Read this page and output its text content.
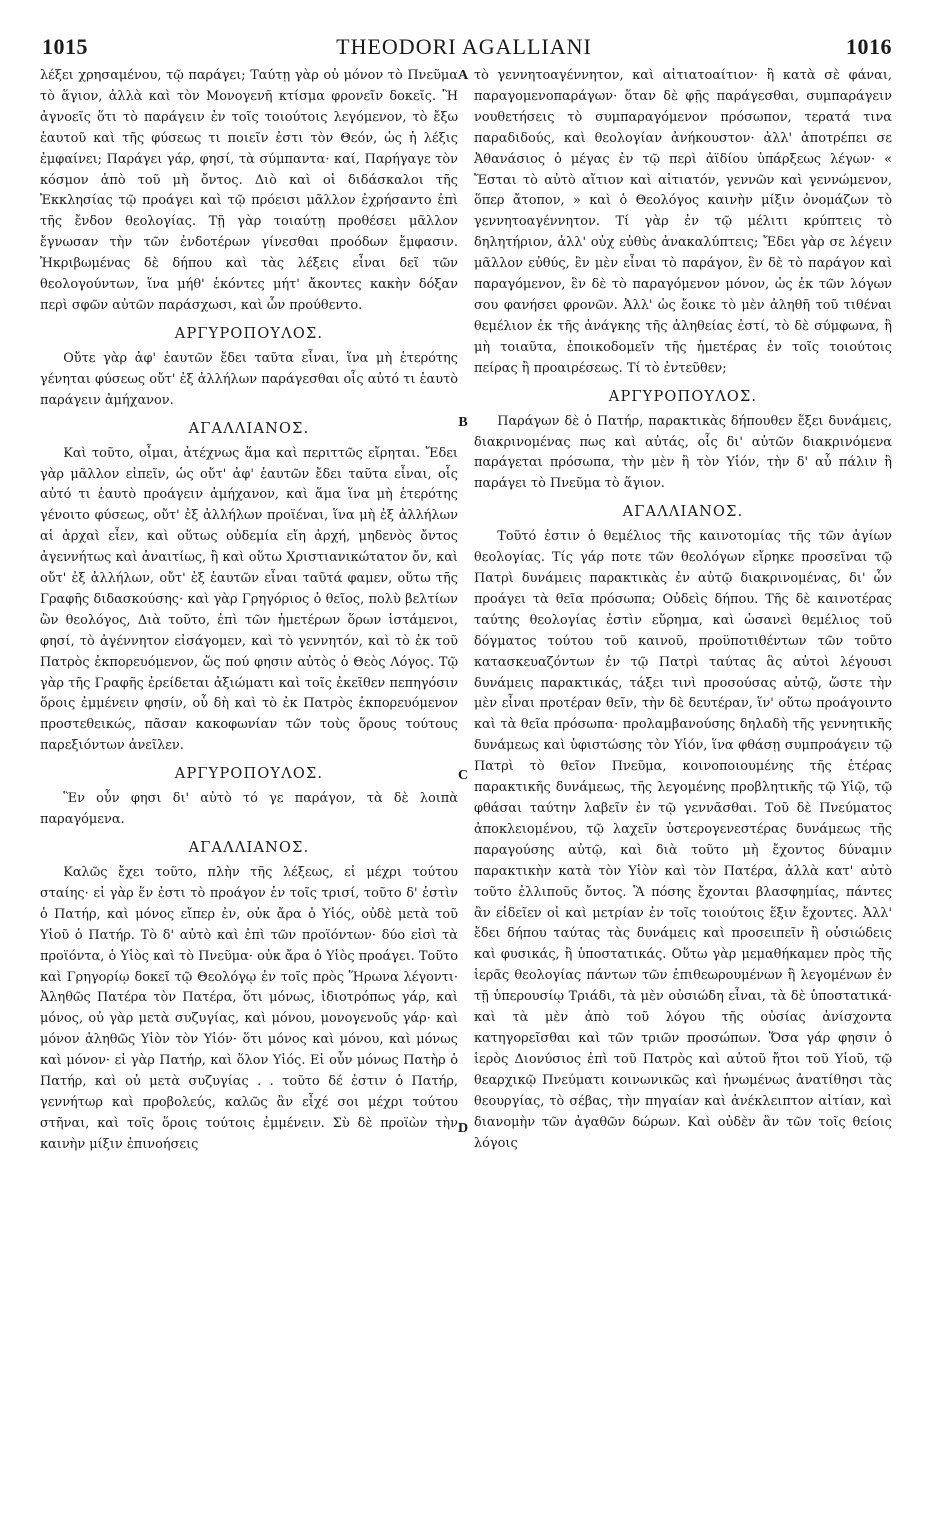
1015	THEODORI AGALLIANI	1016

λέξει χρησαμένου, τῷ παράγει; Ταύτῃ γὰρ οὐ μόνον τὸ Πνεῦμα τὸ ἅγιον, ἀλλὰ καὶ τὸν Μονογενῆ κτίσμα φρονεῖν δοκεῖς. Ἢ ἀγνοεῖς ὅτι τὸ παράγειν ἐν τοῖς τοιούτοις λεγόμενον, τὸ ἔξω ἑαυτοῦ καὶ τῆς φύσεως τι ποιεῖν ἐστι τὸν Θεόν, ὡς ἡ λέξις ἐμφαίνει; Παράγει γάρ, φησί, τὰ σύμπαντα· καί, Παρήγαγε τὸν κόσμον ἀπὸ τοῦ μὴ ὄντος. Διὸ καὶ οἱ διδάσκαλοι τῆς Ἐκκλησίας τῷ προάγει καὶ τῷ πρόεισι μᾶλλον ἐχρήσαντο ἐπὶ τῆς ἔνδον θεολογίας. Τῇ γὰρ τοιαύτῃ προθέσει μᾶλλον ἔγνωσαν τὴν τῶν ἐνδοτέρων γίνεσθαι προόδων ἔμφασιν. Ἠκριβωμένας δὲ δήπου καὶ τὰς λέξεις εἶναι δεῖ τῶν θεολογούντων, ἵνα μήθ' ἑκόντες μήτ' ἄκοντες κακὴν δόξαν περὶ σφῶν αὐτῶν παράσχωσι, καὶ ὧν προύθεντο.

ΑΡΓΥΡΟΠΟΥΛΟΣ.

Οὔτε γὰρ ἀφ' ἑαυτῶν ἔδει ταῦτα εἶναι, ἵνα μὴ ἑτερότης γένηται φύσεως οὔτ' ἐξ ἀλλήλων παράγεσθαι οἷς αὐτό τι ἑαυτὸ παράγειν ἀμήχανον.

ΑΓΑΛΛΙΑΝΟΣ.

Καὶ τοῦτο, οἶμαι, ἀτέχνως ἅμα καὶ περιττῶς εἴρηται. Ἔδει γὰρ μᾶλλον εἰπεῖν, ὡς οὔτ' ἀφ' ἑαυτῶν ἔδει ταῦτα εἶναι, οἷς αὐτό τι ἑαυτὸ προάγειν ἀμήχανον, καὶ ἅμα ἵνα μὴ ἑτερότης γένοιτο φύσεως, οὔτ' ἐξ ἀλλήλων προϊέναι, ἵνα μὴ ἐξ ἀλλήλων αἱ ἀρχαὶ εἶεν, καὶ οὕτως οὐδεμία εἴη ἀρχή, μηδενὸς ὄντος ἀγεννήτως καὶ ἀναιτίως, ἢ καὶ οὕτω Χριστιανικώτατον ὄν, καὶ οὔτ' ἐξ ἀλλήλων, οὔτ' ἐξ ἑαυτῶν εἶναι ταῦτά φαμεν, οὕτω τῆς Γραφῆς διδασκούσης· καὶ γὰρ Γρηγόριος ὁ θεῖος, πολὺ βελτίων ὢν θεολόγος, Διὰ τοῦτο, ἐπὶ τῶν ἡμετέρων ὅρων ἱστάμενοι, φησί, τὸ ἀγέννητον εἰσάγομεν, καὶ τὸ γεννητόν, καὶ τὸ ἐκ τοῦ Πατρὸς ἐκπορευόμενον, ὥς πού φησιν αὐτὸς ὁ Θεὸς Λόγος. Τῷ γὰρ τῆς Γραφῆς ἐρείδεται ἀξιώματι καὶ τοῖς ἐκεῖθεν πεπηγόσιν ὅροις ἐμμένειν φησίν, οὗ δὴ καὶ τὸ ἐκ Πατρὸς ἐκπορευόμενον προστεθεικώς, πᾶσαν κακοφωνίαν τῶν τοὺς ὅρους τούτους παρεξιόντων ἀνεῖλεν.

ΑΡΓΥΡΟΠΟΥΛΟΣ.

Ἓν οὖν φησι δι' αὐτὸ τό γε παράγον, τὰ δὲ λοιπὰ παραγόμενα.

ΑΓΑΛΛΙΑΝΟΣ.

Καλῶς ἔχει τοῦτο, πλὴν τῆς λέξεως, εἰ μέχρι τούτου σταίης· εἰ γὰρ ἕν ἐστι τὸ προάγον ἐν τοῖς τρισί, τοῦτο δ' ἐστὶν ὁ Πατήρ, καὶ μόνος εἴπερ ἐν, οὐκ ἄρα ὁ Υἱός, οὐδὲ μετὰ τοῦ Υἱοῦ ὁ Πατήρ. Τὸ δ' αὐτὸ καὶ ἐπὶ τῶν προϊόντων· δύο εἰσὶ τὰ προϊόντα, ὁ Υἱὸς καὶ τὸ Πνεῦμα· οὐκ ἄρα ὁ Υἱὸς προάγει. Τοῦτο καὶ Γρηγορίῳ δοκεῖ τῷ Θεολόγῳ ἐν τοῖς πρὸς Ἥρωνα λέγοντι· Ἀληθῶς Πατέρα τὸν Πατέρα, ὅτι μόνως, ἰδιοτρόπως γάρ, καὶ μόνος, οὐ γὰρ μετὰ συζυγίας, καὶ μόνου, μονογενοῦς γάρ· καὶ μόνον ἀληθῶς Υἱὸν τὸν Υἱόν· ὅτι μόνος καὶ μόνου, καὶ μόνως καὶ μόνον· εἰ γὰρ Πατήρ, καὶ ὅλον Υἱός. Εἰ οὖν μόνως Πατὴρ ὁ Πατήρ, καὶ οὐ μετὰ συζυγίας . . τοῦτο δέ ἐστιν ὁ Πατήρ, γεννήτωρ καὶ προβολεύς, καλῶς ἂν εἶχέ σοι μέχρι τούτου στῆναι, καὶ τοῖς ὅροις τούτοις ἐμμένειν. Σὺ δὲ προϊὼν τὴν καινὴν μίξιν ἐπινοήσεις

τὸ γεννητοαγέννητον, καὶ αἰτιατοαίτιον· ἢ κατὰ σὲ φάναι, παραγομενοπαράγων· ὅταν δὲ φῇς παράγεσθαι, συμπαράγειν νουθετήσεις τὸ συμπαραγόμενον πρόσωπον, τερατά τινα παραδιδούς, καὶ θεολογίαν ἀνήκουστον· ἀλλ' ἀποτρέπει σε Ἀθανάσιος ὁ μέγας ἐν τῷ περὶ ἀϊδίου ὑπάρξεως λέγων· « Ἔσται τὸ αὐτὸ αἴτιον καὶ αἰτιατόν, γεννῶν καὶ γεννώμενον, ὅπερ ἄτοπον, » καὶ ὁ Θεολόγος καινὴν μίξιν ὀνομάζων τὸ γεννητοαγέννητον. Τί γὰρ ἐν τῷ μέλιτι κρύπτεις τὸ δηλητήριον, ἀλλ' οὐχ εὐθὺς ἀνακαλύπτεις; Ἔδει γὰρ σε λέγειν μᾶλλον εὐθύς, ἓν μὲν εἶναι τὸ παράγον, ἓν δὲ τὸ παράγον καὶ παραγόμενον, ἓν δὲ τὸ παραγόμενον μόνον, ὡς ἐκ τῶν λόγων σου φανήσει φρονῶν. Ἀλλ' ὡς ἔοικε τὸ μὲν ἀληθῆ τοῦ τιθέναι θεμέλιον ἐκ τῆς ἀνάγκης τῆς ἀληθείας ἐστί, τὸ δὲ σύμφωνα, ἢ μὴ τοιαῦτα, ἐποικοδομεῖν τῆς ἡμετέρας ἐν τοῖς τοιούτοις πείρας ἢ προαιρέσεως. Τί τὸ ἐντεῦθεν;

ΑΡΓΥΡΟΠΟΥΛΟΣ.

Παράγων δὲ ὁ Πατήρ, παρακτικὰς δήπουθεν ἕξει δυνάμεις, διακρινομένας πως καὶ αὐτάς, οἷς δι' αὐτῶν διακρινόμενα παράγεται πρόσωπα, τὴν μὲν ἢ τὸν Υἱόν, τὴν δ' αὖ πάλιν ἢ παράγει τὸ Πνεῦμα τὸ ἅγιον.

ΑΓΑΛΛΙΑΝΟΣ.

Τοῦτό ἐστιν ὁ θεμέλιος τῆς καινοτομίας τῆς τῶν ἁγίων θεολογίας. Τίς γάρ ποτε τῶν θεολόγων εἴρηκε προσεῖναι τῷ Πατρὶ δυνάμεις παρακτικὰς ἐν αὐτῷ διακρινομένας, δι' ὧν προάγει τὰ θεῖα πρόσωπα; Οὐδεὶς δήπου. Τῆς δὲ καινοτέρας ταύτης θεολογίας ἐστὶν εὕρημα, καὶ ὡσανεὶ θεμέλιος τοῦ δόγματος τούτου τοῦ καινοῦ, προϋποτιθέντων τῶν τοῦτο κατασκευαζόντων ἐν τῷ Πατρὶ ταύτας ἃς αὐτοὶ λέγουσι δυνάμεις παρακτικάς, τάξει τινὶ προσούσας αὐτῷ, ὥστε τὴν μὲν εἶναι προτέραν θεῖν, τὴν δὲ δευτέραν, ἵν' οὕτω προάγοιντο καὶ τὰ θεῖα πρόσωπα· προλαμβανούσης δηλαδὴ τῆς γεννητικῆς δυνάμεως καὶ ὑφιστώσης τὸν Υἱόν, ἵνα φθάσῃ συμπροάγειν τῷ Πατρὶ τὸ θεῖον Πνεῦμα, κοινοποιουμένης τῆς ἑτέρας παρακτικῆς δυνάμεως, τῆς λεγομένης προβλητικῆς τῷ Υἱῷ, τῷ φθάσαι ταύτην λαβεῖν ἐν τῷ γεννᾶσθαι. Τοῦ δὲ Πνεύματος ἀποκλειομένου, τῷ λαχεῖν ὑστερογενεστέρας δυνάμεως τῆς παραγούσης αὐτῷ, καὶ διὰ τοῦτο μὴ ἔχοντος δύναμιν παρακτικὴν κατὰ τὸν Υἱὸν καὶ τὸν Πατέρα, ἀλλὰ κατ' αὐτὸ τοῦτο ἐλλιποῦς ὄντος. Ἃ πόσης ἔχονται βλασφημίας, πάντες ἂν εἰδεῖεν οἱ καὶ μετρίαν ἐν τοῖς τοιούτοις ἕξιν ἔχοντες. Ἀλλ' ἔδει δήπου ταύτας τὰς δυνάμεις καὶ προσειπεῖν ἢ οὐσιώδεις καὶ φυσικάς, ἢ ὑποστατικάς. Οὕτω γὰρ μεμαθήκαμεν πρὸς τῆς ἱερᾶς θεολογίας πάντων τῶν ἐπιθεωρουμένων ἢ λεγομένων ἐν τῇ ὑπερουσίῳ Τριάδι, τὰ μὲν οὐσιώδη εἶναι, τὰ δὲ ὑποστατικά· καὶ τὰ μὲν ἀπὸ τοῦ λόγου τῆς οὐσίας ἀνίσχοντα κατηγορεῖσθαι καὶ τῶν τριῶν προσώπων. Ὅσα γάρ φησιν ὁ ἱερὸς Διονύσιος ἐπὶ τοῦ Πατρὸς καὶ αὐτοῦ ἤτοι τοῦ Υἱοῦ, τῷ θεαρχικῷ Πνεύματι κοινωνικῶς καὶ ἡνωμένως ἀνατίθησι τὰς θεουργίας, τὸ σέβας, τὴν πηγαίαν καὶ ἀνέκλειπτον αἰτίαν, καὶ διανομὴν τῶν ἀγαθῶν δώρων. Καὶ οὐδὲν ἂν τῶν τοῖς θείοις λόγοις

A
B
C
D
